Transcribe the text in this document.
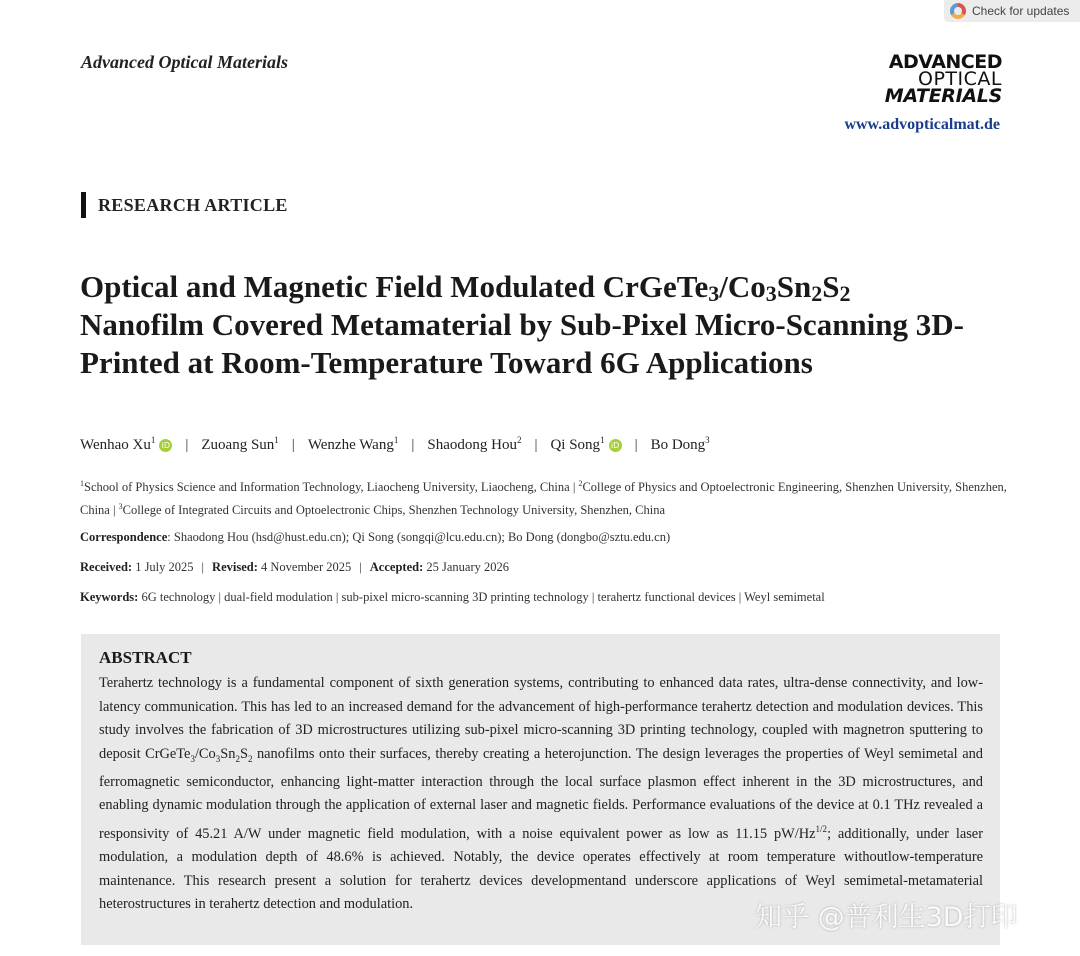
Check for updates
Advanced Optical Materials	ADVANCED
OPTICAL
MATERIALS
www.advopticalmat.de
RESEARCH ARTICLE
Optical and Magnetic Field Modulated $CrGeTe_3/Co_3Sn_2S_2$
Nanofilm Covered Metamaterial by Sub-Pixel Micro-Scanning 3D-Printed at Room-Temperature Toward 6G Applications
Wenhao Xu$^1$iD | Zuoang Sun$^1$ | Wenzhe Wang$^1$ | Shaodong Hou$^2$ | Qi Song$^1$iD | Bo Dong$^3$
$^1$School of Physics Science and Information Technology, Liaocheng University, Liaocheng, China | $^2$College of Physics and Optoelectronic Engineering, Shenzhen University, Shenzhen, China | $^3$College of Integrated Circuits and Optoelectronic Chips, Shenzhen Technology University, Shenzhen, China
Correspondence: Shaodong Hou (hsd@hust.edu.cn); Qi Song (songqi@lcu.edu.cn); Bo Dong (dongbo@sztu.edu.cn)
Received: 1 July 2025 | Revised: 4 November 2025 | Accepted: 25 January 2026
Keywords: 6G technology | dual-field modulation | sub-pixel micro-scanning 3D printing technology | terahertz functional devices | Weyl semimetal
ABSTRACT
Terahertz technology is a fundamental component of sixth generation systems, contributing to enhanced data rates, ultra-dense connectivity, and low-latency communication. This has led to an increased demand for the advancement of high-performance terahertz detection and modulation devices. This study involves the fabrication of 3D microstructures utilizing sub-pixel micro-scanning 3D printing technology, coupled with magnetron sputtering to deposit $CrGeTe_3/Co_3Sn_2S_2$ nanofilms onto their surfaces, thereby creating a heterojunction. The design leverages the properties of Weyl semimetal and ferromagnetic semiconductor, enhancing light-matter interaction through the local surface plasmon effect inherent in the 3D microstructures, and enabling dynamic modulation through the application of external laser and magnetic fields. Performance evaluations of the device at 0.1 THz revealed a responsivity of 45.21 A/W under magnetic field modulation, with a noise equivalent power as low as 11.15 $pW/Hz^{1/2}$; additionally, under laser modulation, a modulation depth of 48.6% is achieved. Notably, the device operates effectively at room temperature withoutlow-temperature maintenance. This research present a solution for terahertz devices developmentand underscore applications of Weyl semimetal-metamaterial heterostructures in terahertz detection and modulation.	知乎 @普利生3D打印
